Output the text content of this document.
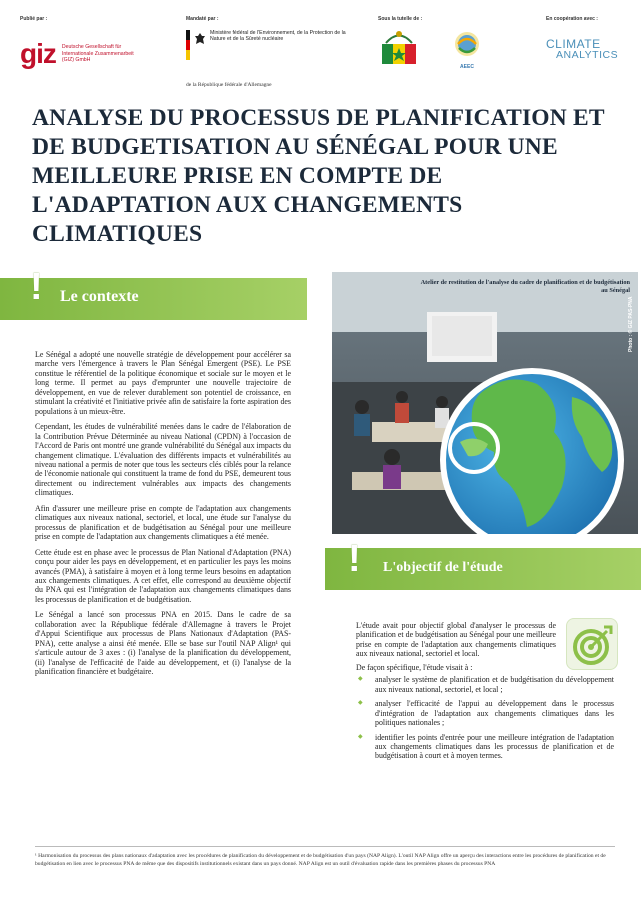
Publié par :	Mandaté par :	Sous la tutelle de :	En coopération avec :
giz Deutsche Gesellschaft für Internationale Zusammenarbeit (GIZ) GmbH
Ministère fédéral de l'Environnement, de la Protection de la Nature et de la Sûreté nucléaire
de la République fédérale d'Allemagne
AEEC
CLIMATE
ANALYTICS
ANALYSE DU PROCESSUS DE PLANIFICATION ET DE BUDGETISATION AU SÉNÉGAL POUR UNE MEILLEURE PRISE EN COMPTE DE L'ADAPTATION AUX CHANGEMENTS CLIMATIQUES
Le contexte
!

Le Sénégal a adopté une nouvelle stratégie de développement pour accélérer sa marche vers l'émergence à travers le Plan Sénégal Emergent (PSE). Le PSE constitue le référentiel de la politique économique et sociale sur le moyen et le long terme. Il permet au pays d'emprunter une nouvelle trajectoire de développement, en vue de relever durablement son potentiel de croissance, en stimulant la créativité et l'initiative privée afin de satisfaire la forte aspiration des populations à un mieux-être.

Cependant, les études de vulnérabilité menées dans le cadre de l'élaboration de la Contribution Prévue Déterminée au niveau National (CPDN) à l'occasion de l'Accord de Paris ont montré une grande vulnérabilité du Sénégal aux impacts du changement climatique. L'évaluation des différents impacts et vulnérabilités au niveau national a permis de noter que tous les secteurs clés ciblés pour la relance de l'économie nationale qui constituent la trame de fond du PSE, demeurent tous directement ou indirectement vulnérables aux impacts des changements climatiques.

Afin d'assurer une meilleure prise en compte de l'adaptation aux changements climatiques aux niveaux national, sectoriel, et local, une étude sur l'analyse du processus de planification et de budgétisation au Sénégal pour une meilleure prise en compte de l'adaptation aux changements climatiques a été menée.

Cette étude est en phase avec le processus de Plan National d'Adaptation (PNA) conçu pour aider les pays en développement, et en particulier les pays les moins avancés (PMA), à satisfaire à moyen et à long terme leurs besoins en adaptation aux changements climatiques. A cet effet, elle correspond au deuxième objectif du PNA qui est l'intégration de l'adaptation aux changements climatiques dans les processus de planification et de budgétisation.

Le Sénégal a lancé son processus PNA en 2015. Dans le cadre de sa collaboration avec la République fédérale d'Allemagne à travers le Projet d'Appui Scientifique aux processus de Plans Nationaux d'Adaptation (PAS-PNA), cette analyse a ainsi été menée. Elle se base sur l'outil NAP Align¹ qui s'articule autour de 3 axes : (i) l'analyse de la planification du développement, (ii) l'analyse de l'efficacité de l'aide au développement, et (i) l'analyse de la planification financière et budgétaire.

Atelier de restitution de l'analyse du cadre de planification et de budgétisation au Sénégal
Photo : © GIZ PAS-PNA
L'objectif de l'étude
!

L'étude avait pour objectif global d'analyser le processus de planification et de budgétisation au Sénégal pour une meilleure prise en compte de l'adaptation aux changements climatiques aux niveaux national, sectoriel et local.

De façon spécifique, l'étude visait à :

◆ analyser le système de planification et de budgétisation du développement aux niveaux national, sectoriel, et local ;
◆ analyser l'efficacité de l'appui au développement dans le processus d'intégration de l'adaptation aux changements climatiques dans les politiques nationales ;
◆ identifier les points d'entrée pour une meilleure intégration de l'adaptation aux changements climatiques dans les processus de planification et de budgétisation à court et à moyen termes.
¹ Harmonisation du processus des plans nationaux d'adaptation avec les procédures de planification du développement et de budgétisation d'un pays (NAP Align). L'outil NAP Align offre un aperçu des interactions entre les procédures de planification et de budgétisation en lien avec le processus PNA de même que des dispositifs institutionnels existant dans un pays donné. NAP Align est un outil d'évaluation rapide dans les premières phases du processus PNA
